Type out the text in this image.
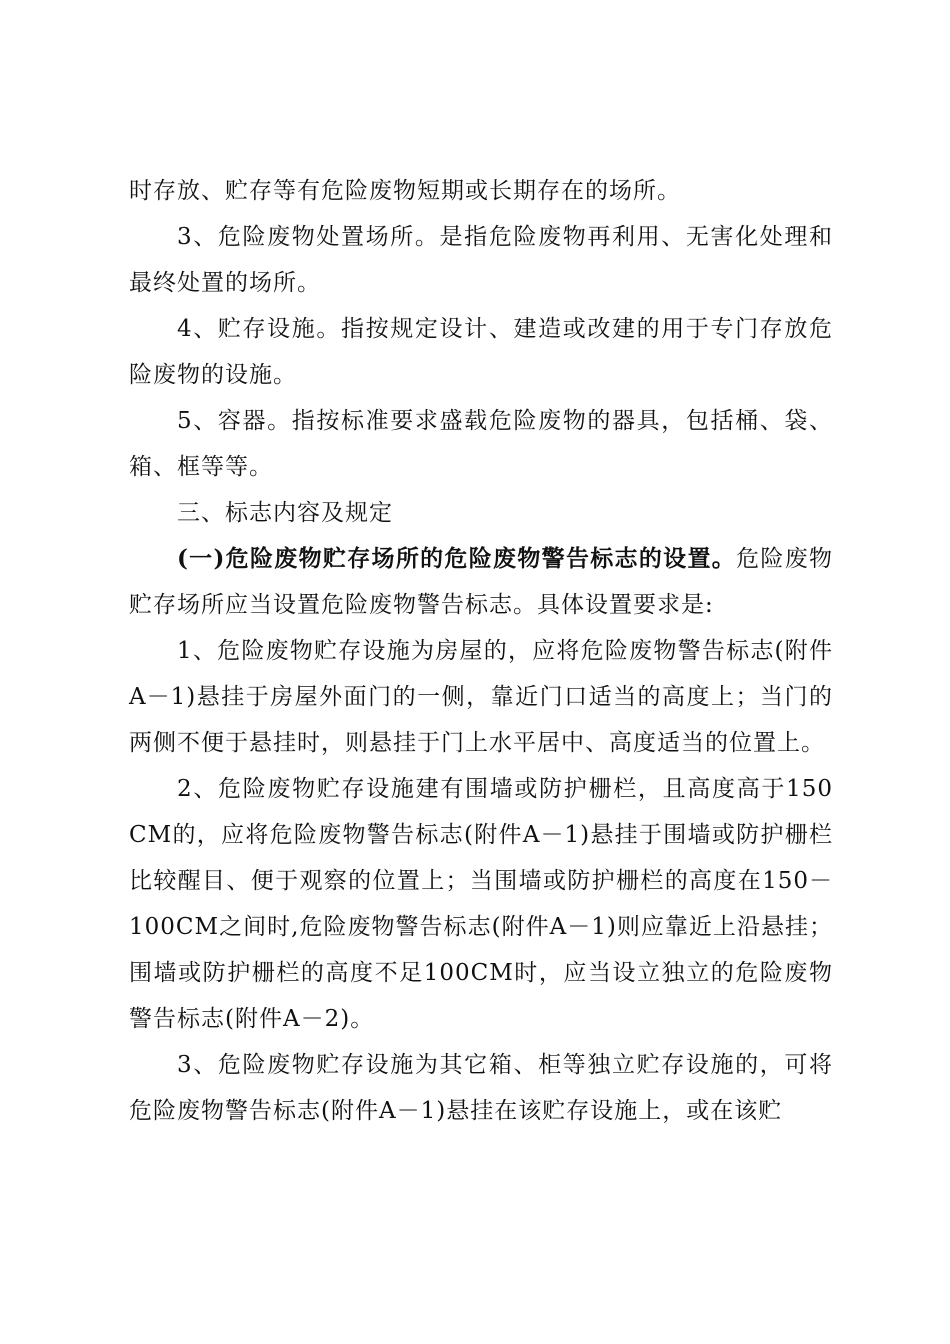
时存放、贮存等有危险废物短期或长期存在的场所。

3、危险废物处置场所。是指危险废物再利用、无害化处理和最终处置的场所。

4、贮存设施。指按规定设计、建造或改建的用于专门存放危险废物的设施。

5、容器。指按标准要求盛载危险废物的器具，包括桶、袋、箱、框等等。

三、标志内容及规定

(一)危险废物贮存场所的危险废物警告标志的设置。危险废物贮存场所应当设置危险废物警告标志。具体设置要求是:

1、危险废物贮存设施为房屋的，应将危险废物警告标志(附件 A－1)悬挂于房屋外面门的一侧，靠近门口适当的高度上；当门的两侧不便于悬挂时，则悬挂于门上水平居中、高度适当的位置上。

2、危险废物贮存设施建有围墙或防护栅栏，且高度高于150CM的，应将危险废物警告标志(附件A－1)悬挂于围墙或防护栅栏比较醒目、便于观察的位置上；当围墙或防护栅栏的高度在150－100CM之间时,危险废物警告标志(附件A－1)则应靠近上沿悬挂；围墙或防护栅栏的高度不足100CM时，应当设立独立的危险废物警告标志(附件A－2)。

3、危险废物贮存设施为其它箱、柜等独立贮存设施的，可将危险废物警告标志(附件A－1)悬挂在该贮存设施上，或在该贮
